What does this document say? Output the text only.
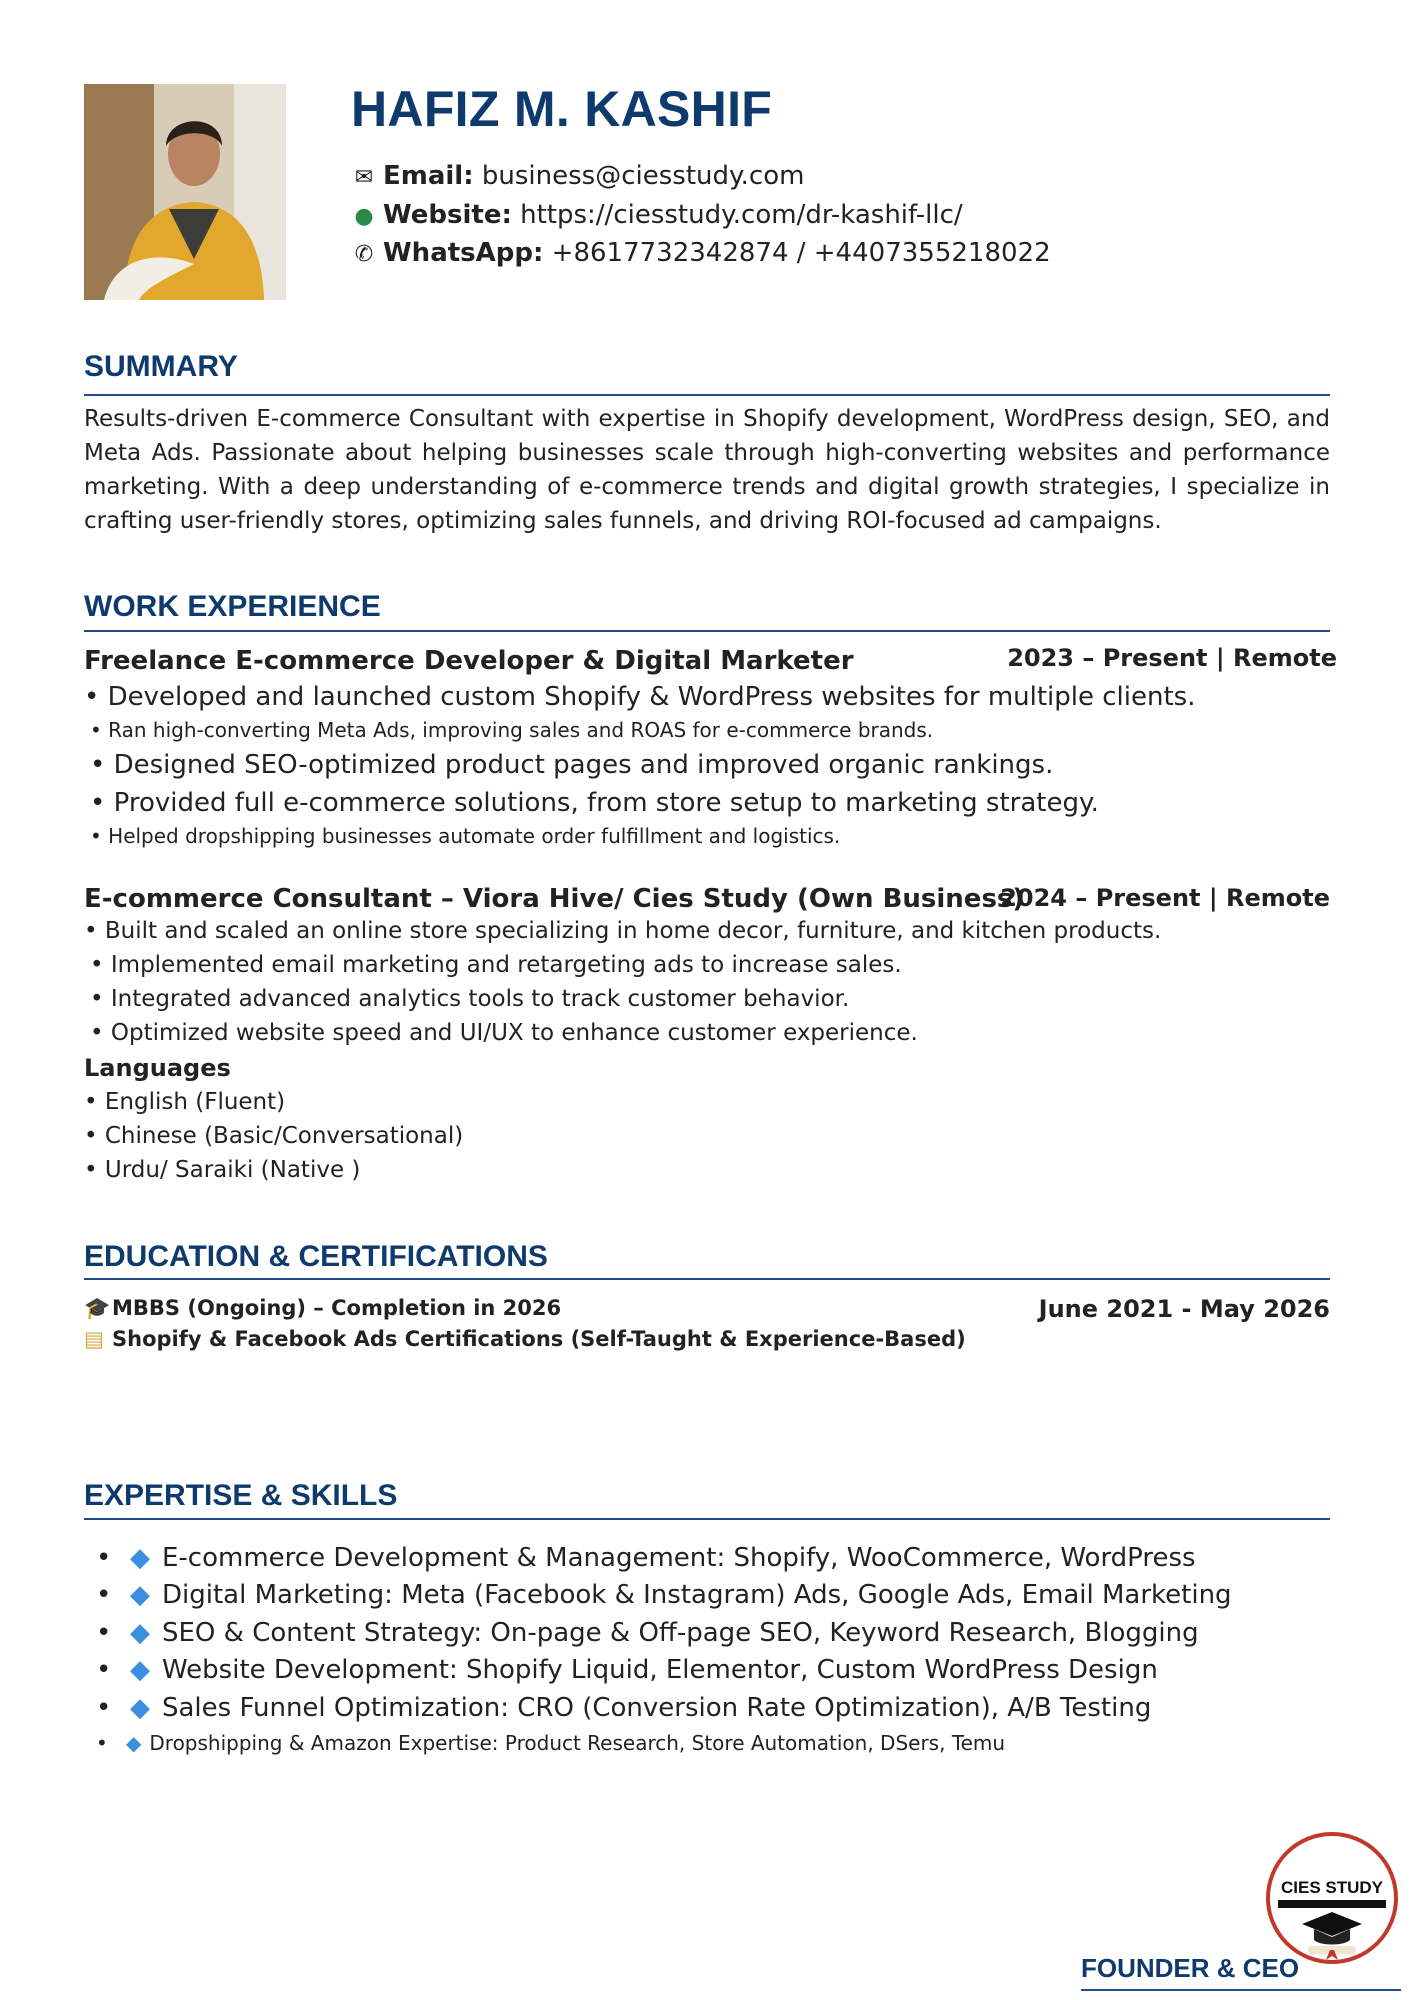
HAFIZ M. KASHIF
✉ Email: business@ciesstudy.com
● Website: https://ciesstudy.com/dr-kashif-llc/
✆ WhatsApp: +8617732342874 / +4407355218022
SUMMARY
Results-driven E-commerce Consultant with expertise in Shopify development, WordPress design, SEO, and Meta Ads. Passionate about helping businesses scale through high-converting websites and performance marketing. With a deep understanding of e-commerce trends and digital growth strategies, I specialize in crafting user-friendly stores, optimizing sales funnels, and driving ROI-focused ad campaigns.
WORK EXPERIENCE
Freelance E-commerce Developer & Digital Marketer	2023 – Present | Remote
• Developed and launched custom Shopify & WordPress websites for multiple clients.
• Ran high-converting Meta Ads, improving sales and ROAS for e-commerce brands.
• Designed SEO-optimized product pages and improved organic rankings.
• Provided full e-commerce solutions, from store setup to marketing strategy.
• Helped dropshipping businesses automate order fulfillment and logistics.
E-commerce Consultant – Viora Hive/ Cies Study (Own Business)
2024 – Present | Remote
• Built and scaled an online store specializing in home decor, furniture, and kitchen products.
• Implemented email marketing and retargeting ads to increase sales.
• Integrated advanced analytics tools to track customer behavior.
• Optimized website speed and UI/UX to enhance customer experience.
Languages
• English (Fluent)
• Chinese (Basic/Conversational)
• Urdu/ Saraiki (Native )
EDUCATION & CERTIFICATIONS
🎓MBBS (Ongoing) – Completion in 2026	June 2021 - May 2026
▤ Shopify & Facebook Ads Certifications (Self-Taught & Experience-Based)
EXPERTISE & SKILLS
• ◆ E-commerce Development & Management: Shopify, WooCommerce, WordPress
• ◆ Digital Marketing: Meta (Facebook & Instagram) Ads, Google Ads, Email Marketing
• ◆ SEO & Content Strategy: On-page & Off-page SEO, Keyword Research, Blogging
• ◆ Website Development: Shopify Liquid, Elementor, Custom WordPress Design
• ◆ Sales Funnel Optimization: CRO (Conversion Rate Optimization), A/B Testing
• ◆ Dropshipping & Amazon Expertise: Product Research, Store Automation, DSers, Temu
CIES STUDY
FOUNDER & CEO
